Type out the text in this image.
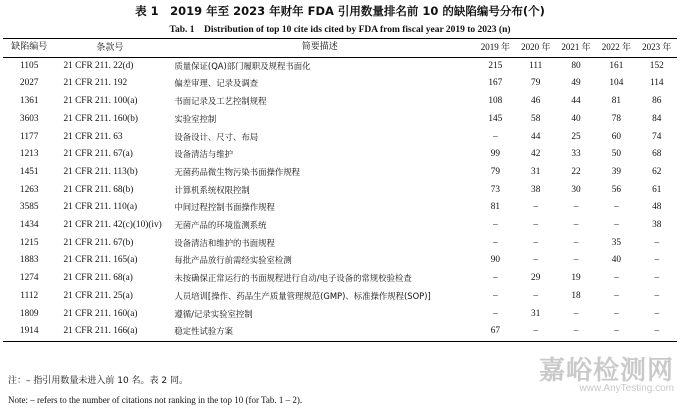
表 1　2019 年至 2023 年财年 FDA 引用数量排名前 10 的缺陷编号分布(个)
Tab. 1　Distribution of top 10 cite ids cited by FDA from fiscal year 2019 to 2023 (n)
缺陷编号	条款号	简要描述	2019 年	2020 年	2021 年	2022 年	2023 年
1105	21 CFR 211. 22(d)	质量保证(QA)部门履职及规程书面化	215	111	80	161	152
2027	21 CFR 211. 192	偏差审理、记录及调查	167	79	49	104	114
1361	21 CFR 211. 100(a)	书面记录及工艺控制规程	108	46	44	81	86
3603	21 CFR 211. 160(b)	实验室控制	145	58	40	78	84
1177	21 CFR 211. 63	设备设计、尺寸、布局	–	44	25	60	74
1213	21 CFR 211. 67(a)	设备清洁与维护	99	42	33	50	68
1451	21 CFR 211. 113(b)	无菌药品微生物污染书面操作规程	79	31	22	39	62
1263	21 CFR 211. 68(b)	计算机系统权限控制	73	38	30	56	61
3585	21 CFR 211. 110(a)	中间过程控制书面操作规程	81	–	–	–	48
1434	21 CFR 211. 42(c)(10)(iv)	无菌产品的环境监测系统	–	–	–	–	38
1215	21 CFR 211. 67(b)	设备清洁和维护的书面规程	–	–	–	35	–
1883	21 CFR 211. 165(a)	每批产品放行前需经实验室检测	90	–	–	40	–
1274	21 CFR 211. 68(a)	未按确保正常运行的书面规程进行自动/电子设备的常规校验检查	–	29	19	–	–
1112	21 CFR 211. 25(a)	人员培训[操作、药品生产质量管理规范(GMP)、标准操作规程(SOP)]	–	–	18	–	–
1809	21 CFR 211. 160(a)	遵循/记录实验室控制	–	31	–	–	–
1914	21 CFR 211. 166(a)	稳定性试验方案	67	–	–	–	–
注：– 指引用数量未进入前 10 名。表 2 同。
Note: – refers to the number of citations not ranking in the top 10 (for Tab. 1 – 2).
嘉峪检测网
www.AnyTesting.com
